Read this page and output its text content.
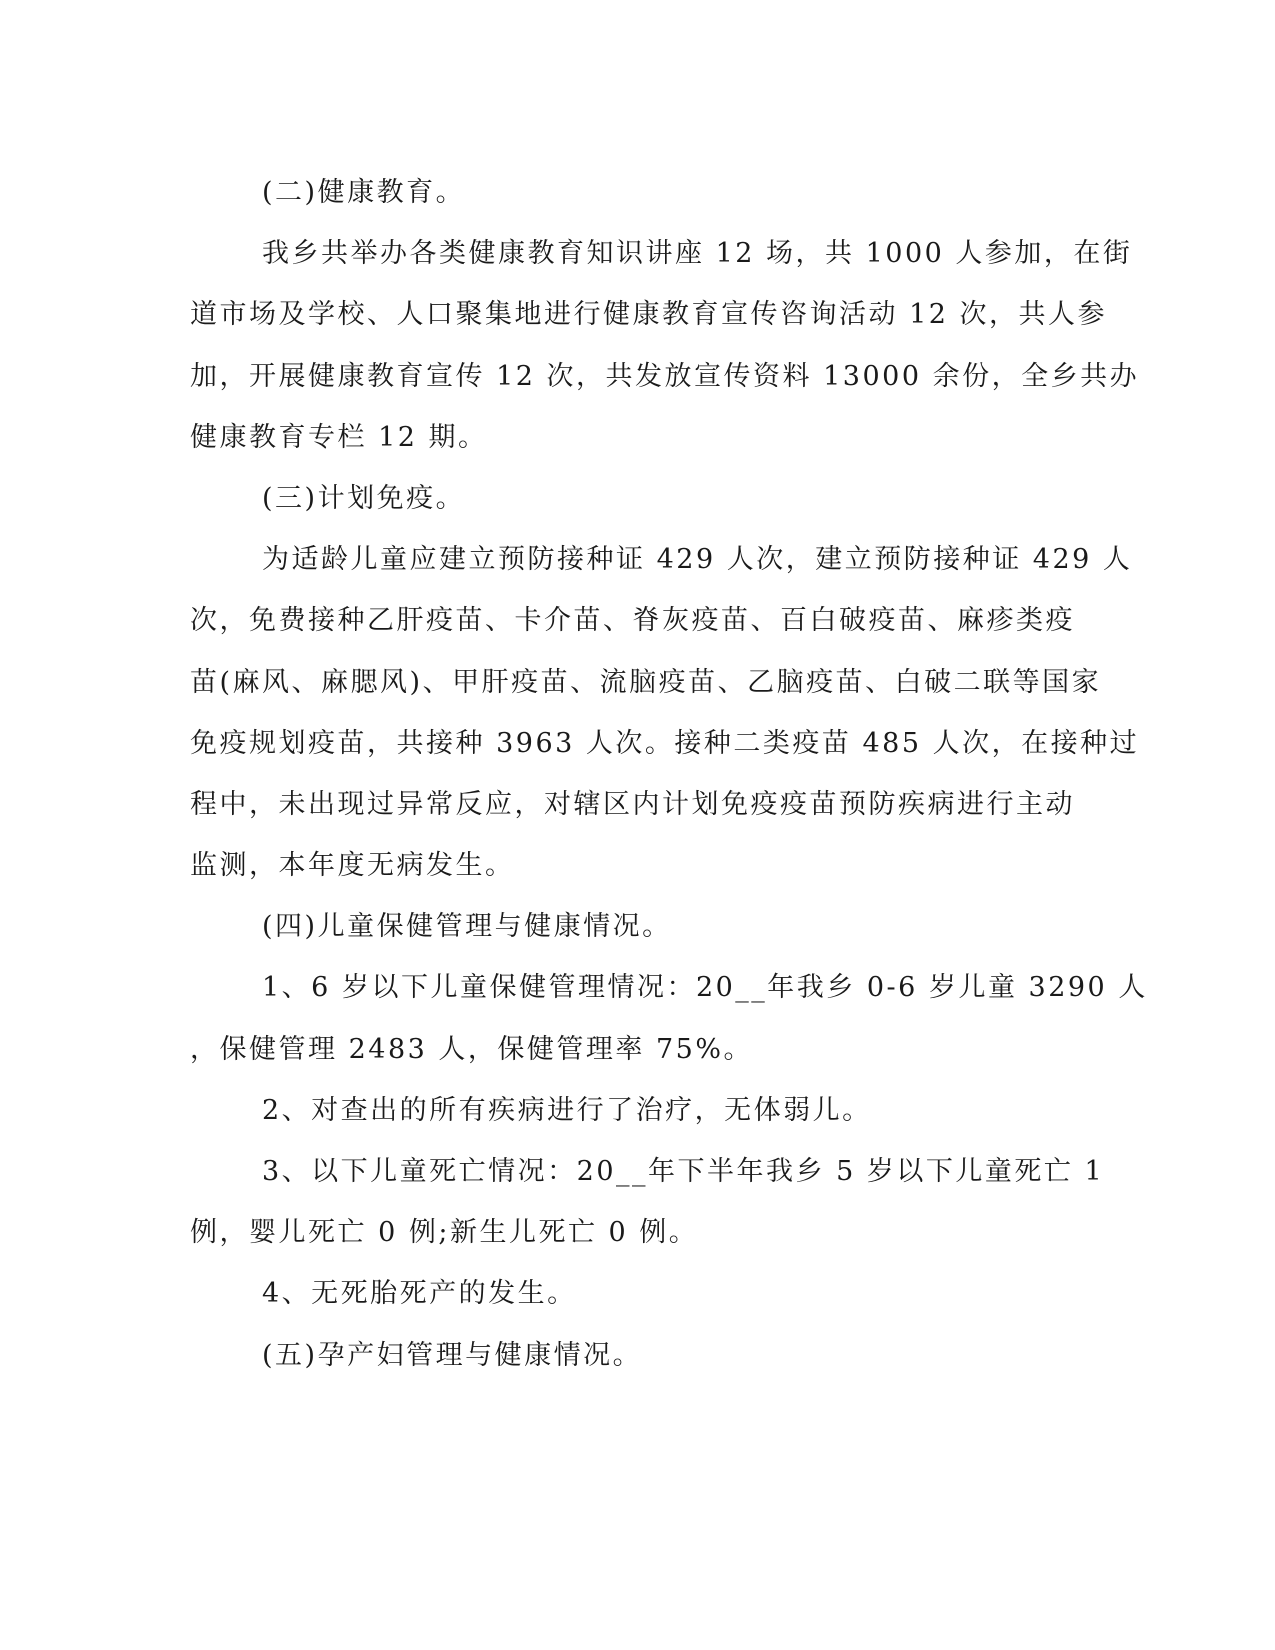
(二)健康教育。
我乡共举办各类健康教育知识讲座 12 场，共 1000 人参加，在街
道市场及学校、人口聚集地进行健康教育宣传咨询活动 12 次，共人参
加，开展健康教育宣传 12 次，共发放宣传资料 13000 余份，全乡共办
健康教育专栏 12 期。
(三)计划免疫。
为适龄儿童应建立预防接种证 429 人次，建立预防接种证 429 人
次，免费接种乙肝疫苗、卡介苗、脊灰疫苗、百白破疫苗、麻疹类疫
苗(麻风、麻腮风)、甲肝疫苗、流脑疫苗、乙脑疫苗、白破二联等国家
免疫规划疫苗，共接种 3963 人次。接种二类疫苗 485 人次，在接种过
程中，未出现过异常反应，对辖区内计划免疫疫苗预防疾病进行主动
监测，本年度无病发生。
(四)儿童保健管理与健康情况。
1、6 岁以下儿童保健管理情况：20__年我乡 0-6 岁儿童 3290 人
，保健管理 2483 人，保健管理率 75%。
2、对查出的所有疾病进行了治疗，无体弱儿。
3、以下儿童死亡情况：20__年下半年我乡 5 岁以下儿童死亡 1
例，婴儿死亡 0 例;新生儿死亡 0 例。
4、无死胎死产的发生。
(五)孕产妇管理与健康情况。
